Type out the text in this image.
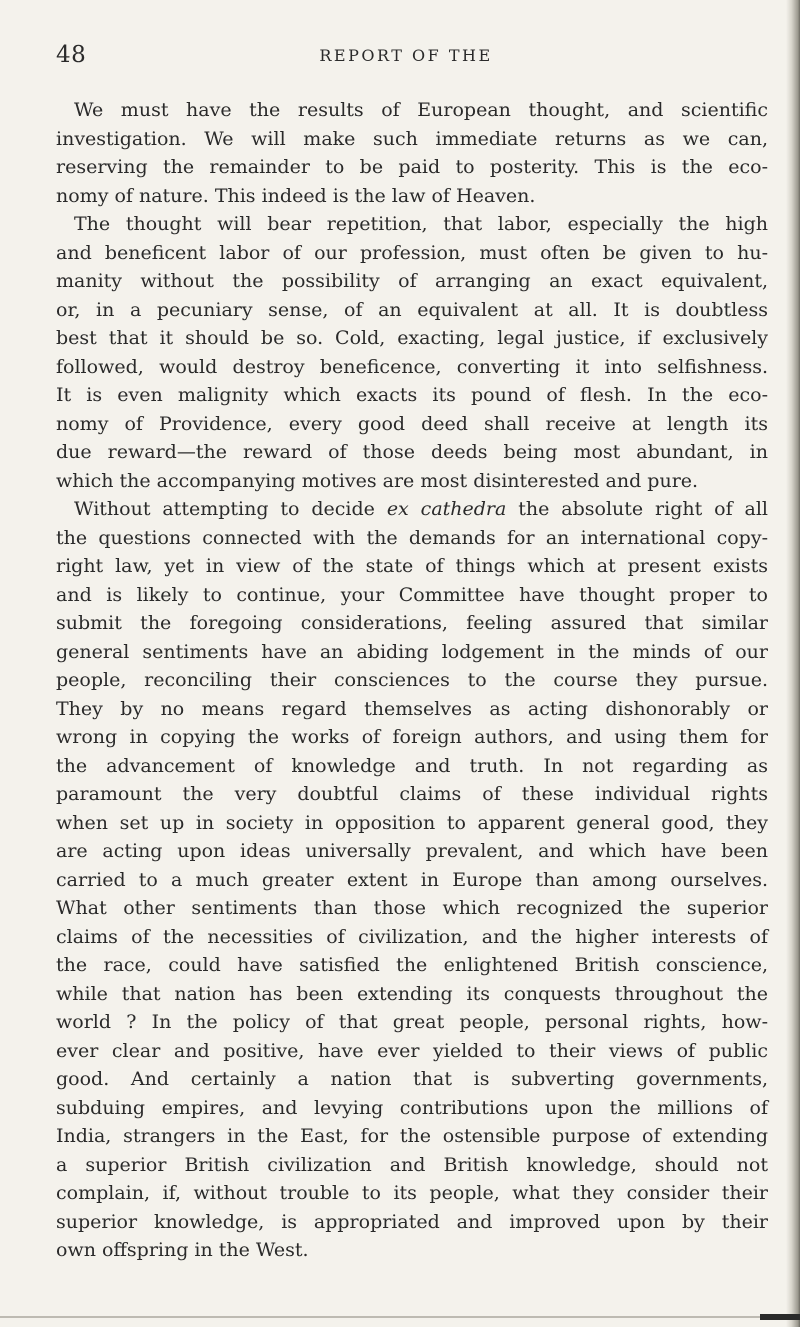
48	REPORT OF THE
We must have the results of European thought, and scientific
investigation. We will make such immediate returns as we can,
reserving the remainder to be paid to posterity. This is the eco-
nomy of nature. This indeed is the law of Heaven.
The thought will bear repetition, that labor, especially the high
and beneficent labor of our profession, must often be given to hu-
manity without the possibility of arranging an exact equivalent,
or, in a pecuniary sense, of an equivalent at all. It is doubtless
best that it should be so. Cold, exacting, legal justice, if exclusively
followed, would destroy beneficence, converting it into selfishness.
It is even malignity which exacts its pound of flesh. In the eco-
nomy of Providence, every good deed shall receive at length its
due reward—the reward of those deeds being most abundant, in
which the accompanying motives are most disinterested and pure.
Without attempting to decide ex cathedra the absolute right of all
the questions connected with the demands for an international copy-
right law, yet in view of the state of things which at present exists
and is likely to continue, your Committee have thought proper to
submit the foregoing considerations, feeling assured that similar
general sentiments have an abiding lodgement in the minds of our
people, reconciling their consciences to the course they pursue.
They by no means regard themselves as acting dishonorably or
wrong in copying the works of foreign authors, and using them for
the advancement of knowledge and truth. In not regarding as
paramount the very doubtful claims of these individual rights
when set up in society in opposition to apparent general good, they
are acting upon ideas universally prevalent, and which have been
carried to a much greater extent in Europe than among ourselves.
What other sentiments than those which recognized the superior
claims of the necessities of civilization, and the higher interests of
the race, could have satisfied the enlightened British conscience,
while that nation has been extending its conquests throughout the
world ? In the policy of that great people, personal rights, how-
ever clear and positive, have ever yielded to their views of public
good. And certainly a nation that is subverting governments,
subduing empires, and levying contributions upon the millions of
India, strangers in the East, for the ostensible purpose of extending
a superior British civilization and British knowledge, should not
complain, if, without trouble to its people, what they consider their
superior knowledge, is appropriated and improved upon by their
own offspring in the West.
